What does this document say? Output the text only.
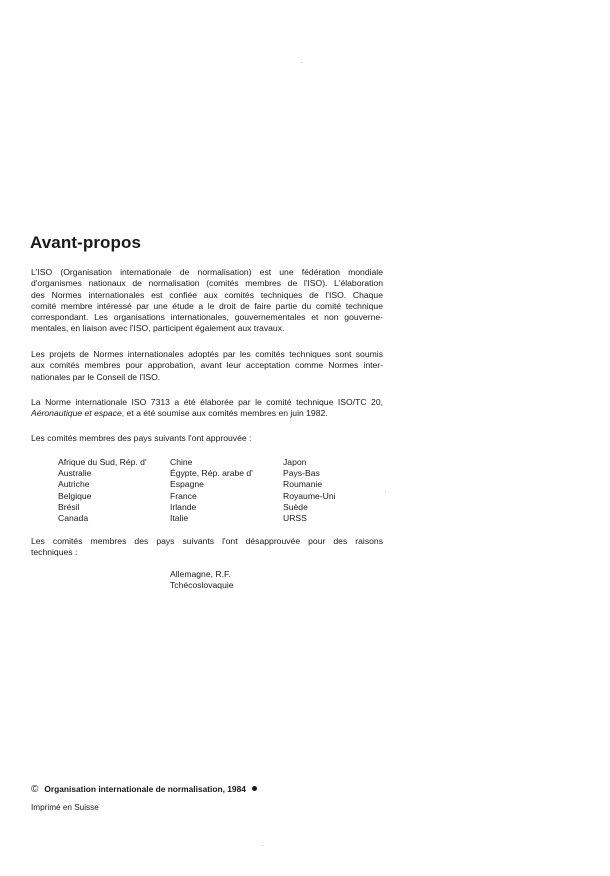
Avant-propos
L'ISO (Organisation internationale de normalisation) est une fédération mondiale
d'organismes nationaux de normalisation (comités membres de l'ISO). L'élaboration
des Normes internationales est confiée aux comités techniques de l'ISO. Chaque
comité membre intéressé par une étude a le droit de faire partie du comité technique
correspondant. Les organisations internationales, gouvernementales et non gouverne-
mentales, en liaison avec l'ISO, participent également aux travaux.
Les projets de Normes internationales adoptés par les comités techniques sont soumis
aux comités membres pour approbation, avant leur acceptation comme Normes inter-
nationales par le Conseil de l'ISO.
La Norme internationale ISO 7313 a été élaborée par le comité technique ISO/TC 20,
Aéronautique et espace, et a été soumise aux comités membres en juin 1982.
Les comités membres des pays suivants l'ont approuvée :
Afrique du Sud, Rép. d'
Australie
Autriche
Belgique
Brésil
Canada
Chine
Égypte, Rép. arabe d'
Espagne
France
Irlande
Italie
Japon
Pays-Bas
Roumanie
Royaume-Uni
Suède
URSS
Les comités membres des pays suivants l'ont désapprouvée pour des raisons
techniques :
Allemagne, R.F.
Tchécoslovaquie
© Organisation internationale de normalisation, 1984
Imprimé en Suisse
